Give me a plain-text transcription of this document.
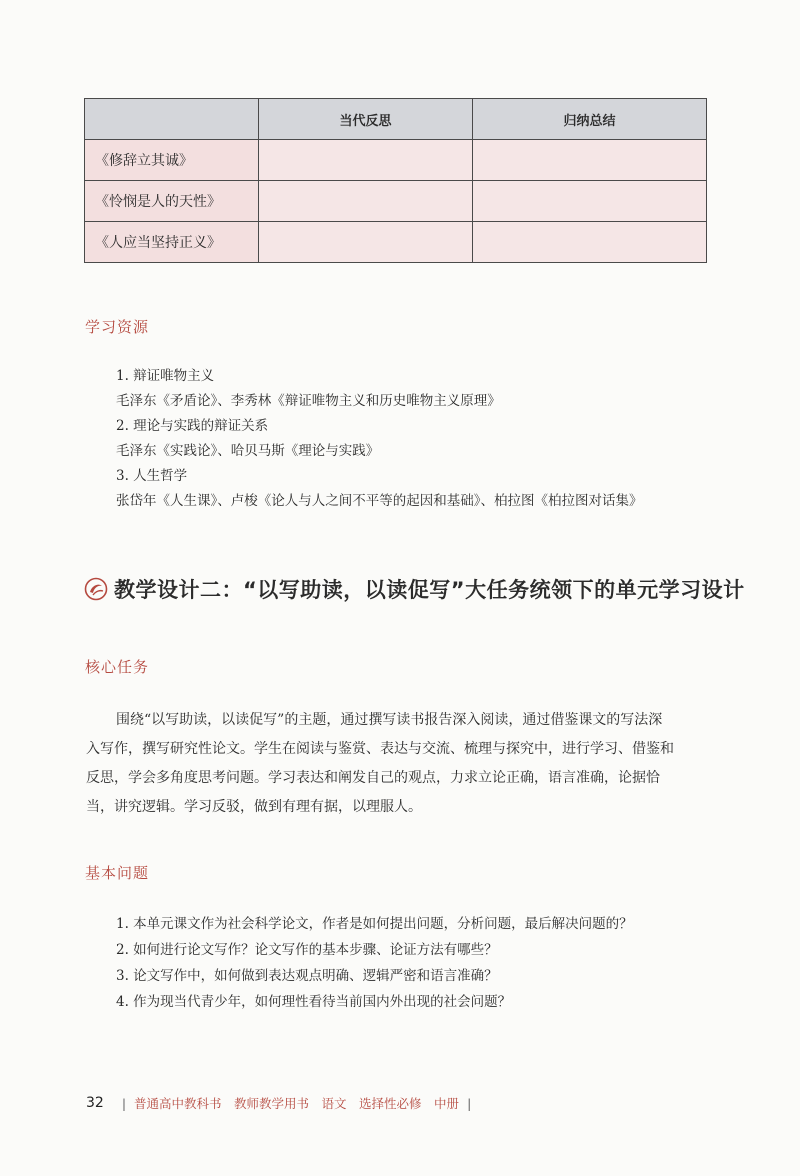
	当代反思	归纳总结
《修辞立其诚》		
《怜悯是人的天性》		
《人应当坚持正义》		
学习资源
1. 辩证唯物主义
毛泽东《矛盾论》、李秀林《辩证唯物主义和历史唯物主义原理》
2. 理论与实践的辩证关系
毛泽东《实践论》、哈贝马斯《理论与实践》
3. 人生哲学
张岱年《人生课》、卢梭《论人与人之间不平等的起因和基础》、柏拉图《柏拉图对话集》
教学设计二：“以写助读，以读促写”大任务统领下的单元学习设计
核心任务
围绕“以写助读，以读促写”的主题，通过撰写读书报告深入阅读，通过借鉴课文的写法深
入写作，撰写研究性论文。学生在阅读与鉴赏、表达与交流、梳理与探究中，进行学习、借鉴和
反思，学会多角度思考问题。学习表达和阐发自己的观点，力求立论正确，语言准确，论据恰
当，讲究逻辑。学习反驳，做到有理有据，以理服人。
基本问题
1. 本单元课文作为社会科学论文，作者是如何提出问题，分析问题，最后解决问题的？
2. 如何进行论文写作？论文写作的基本步骤、论证方法有哪些？
3. 论文写作中，如何做到表达观点明确、逻辑严密和语言准确？
4. 作为现当代青少年，如何理性看待当前国内外出现的社会问题？
32 | 普通高中教科书　教师教学用书　语文　选择性必修　中册 |
